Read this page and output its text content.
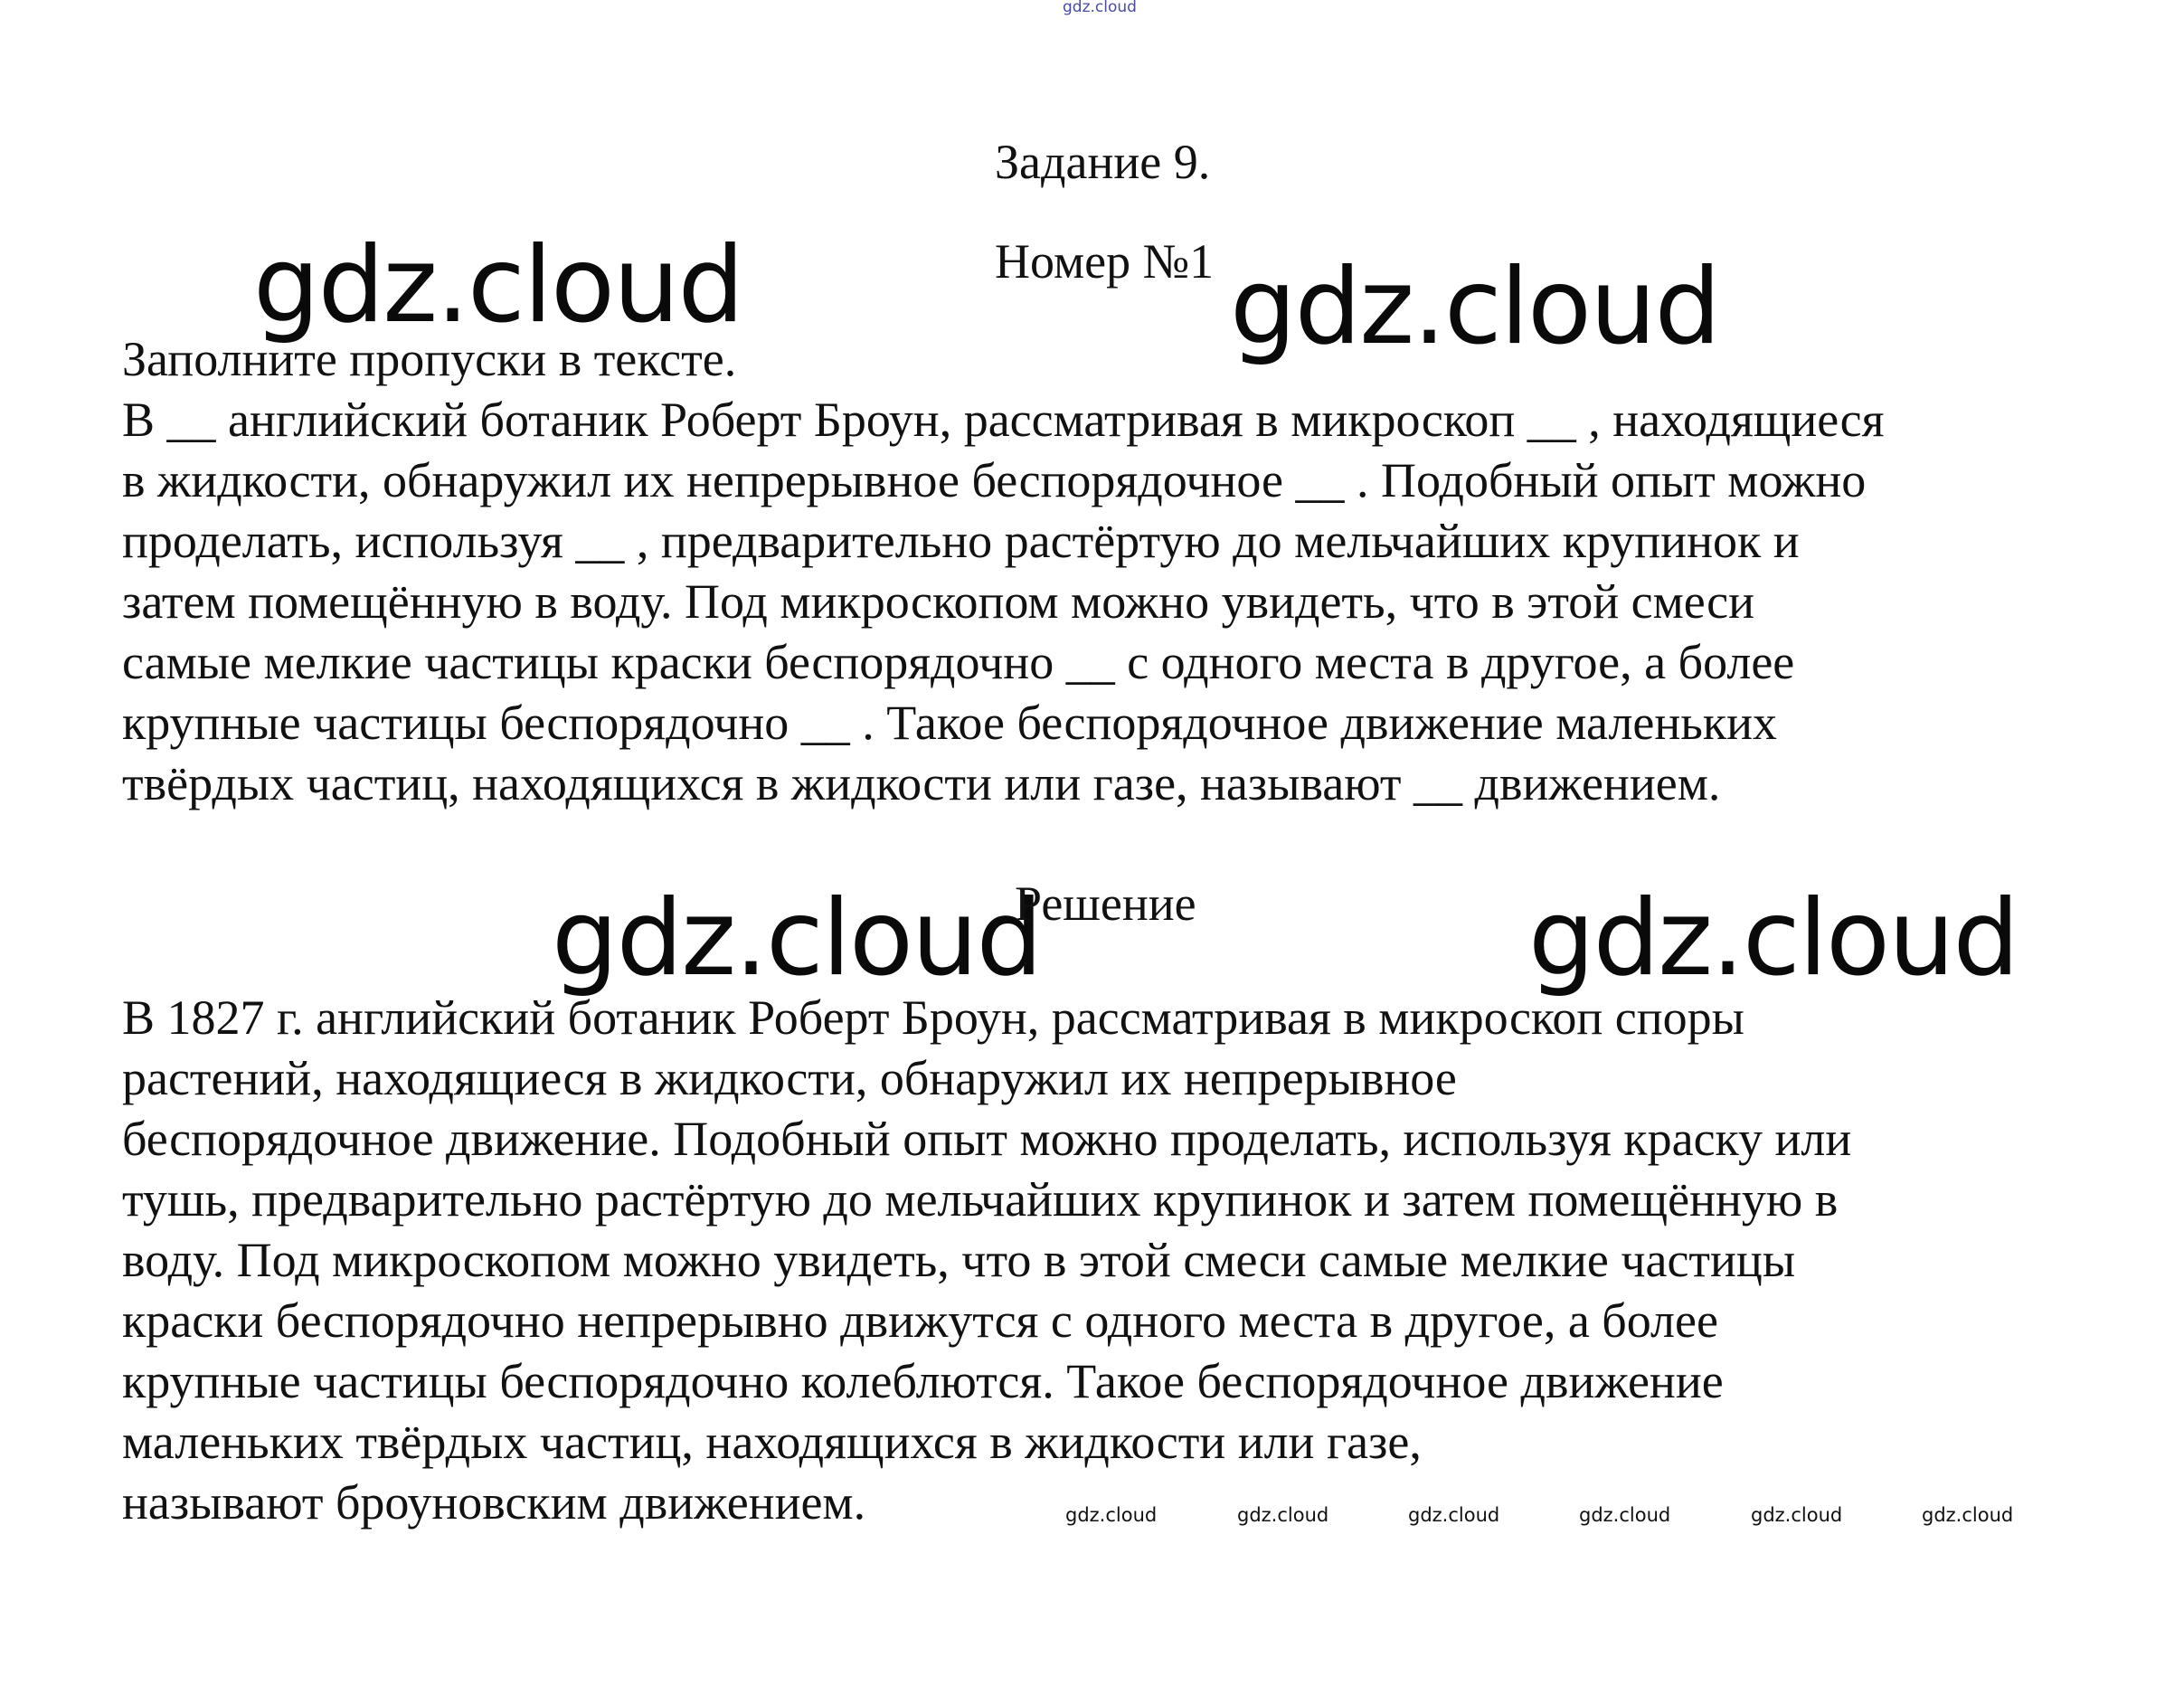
gdz.cloud
Задание 9.
Номер №1
gdz.cloud	gdz.cloud
Заполните пропуски в тексте.
В __ английский ботаник Роберт Броун, рассматривая в микроскоп __ , находящиеся
в жидкости, обнаружил их непрерывное беспорядочное __ . Подобный опыт можно
проделать, используя __ , предварительно растёртую до мельчайших крупинок и
затем помещённую в воду. Под микроскопом можно увидеть, что в этой смеси
самые мелкие частицы краски беспорядочно __ с одного места в другое, а более
крупные частицы беспорядочно __ . Такое беспорядочное движение маленьких
твёрдых частиц, находящихся в жидкости или газе, называют __ движением.
gdz.cloud	gdz.cloud
Решение
В 1827 г. английский ботаник Роберт Броун, рассматривая в микроскоп споры
растений, находящиеся в жидкости, обнаружил их непрерывное
беспорядочное движение. Подобный опыт можно проделать, используя краску или
тушь, предварительно растёртую до мельчайших крупинок и затем помещённую в
воду. Под микроскопом можно увидеть, что в этой смеси самые мелкие частицы
краски беспорядочно непрерывно движутся с одного места в другое, а более
крупные частицы беспорядочно колеблются. Такое беспорядочное движение
маленьких твёрдых частиц, находящихся в жидкости или газе,
называют броуновским движением.	gdz.cloud	gdz.cloud	gdz.cloud	gdz.cloud	gdz.cloud	gdz.cloud
